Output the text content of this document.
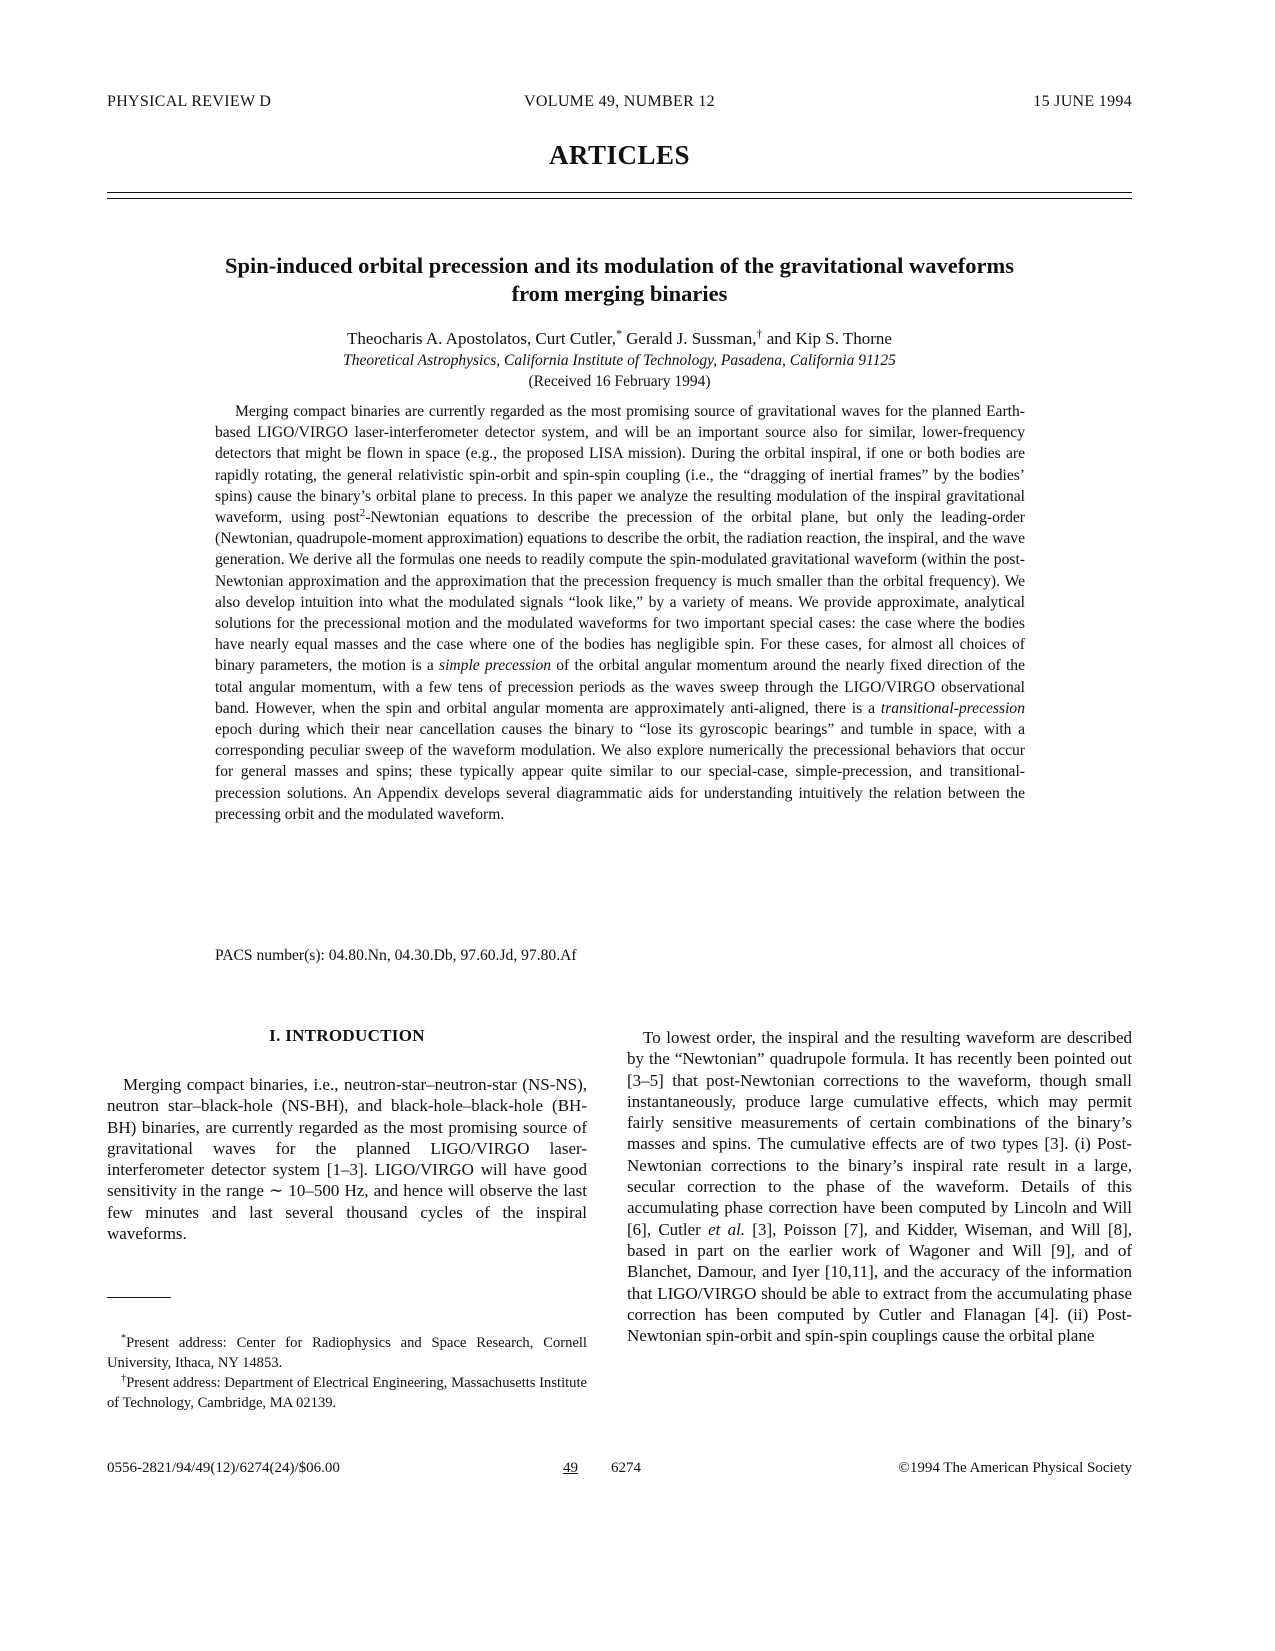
PHYSICAL REVIEW D	VOLUME 49, NUMBER 12	15 JUNE 1994
ARTICLES
Spin-induced orbital precession and its modulation of the gravitational waveforms
from merging binaries
Theocharis A. Apostolatos, Curt Cutler,* Gerald J. Sussman,† and Kip S. Thorne
Theoretical Astrophysics, California Institute of Technology, Pasadena, California 91125
(Received 16 February 1994)
Merging compact binaries are currently regarded as the most promising source of gravitational waves for the planned Earth-based LIGO/VIRGO laser-interferometer detector system, and will be an important source also for similar, lower-frequency detectors that might be flown in space (e.g., the proposed LISA mission). During the orbital inspiral, if one or both bodies are rapidly rotating, the general relativistic spin-orbit and spin-spin coupling (i.e., the “dragging of inertial frames” by the bodies’ spins) cause the binary’s orbital plane to precess. In this paper we analyze the resulting modulation of the inspiral gravitational waveform, using post$^2$-Newtonian equations to describe the precession of the orbital plane, but only the leading-order (Newtonian, quadrupole-moment approximation) equations to describe the orbit, the radiation reaction, the inspiral, and the wave generation. We derive all the formulas one needs to readily compute the spin-modulated gravitational waveform (within the post-Newtonian approximation and the approximation that the precession frequency is much smaller than the orbital frequency). We also develop intuition into what the modulated signals “look like,” by a variety of means. We provide approximate, analytical solutions for the precessional motion and the modulated waveforms for two important special cases: the case where the bodies have nearly equal masses and the case where one of the bodies has negligible spin. For these cases, for almost all choices of binary parameters, the motion is a simple precession of the orbital angular momentum around the nearly fixed direction of the total angular momentum, with a few tens of precession periods as the waves sweep through the LIGO/VIRGO observational band. However, when the spin and orbital angular momenta are approximately anti-aligned, there is a transitional-precession epoch during which their near cancellation causes the binary to “lose its gyroscopic bearings” and tumble in space, with a corresponding peculiar sweep of the waveform modulation. We also explore numerically the precessional behaviors that occur for general masses and spins; these typically appear quite similar to our special-case, simple-precession, and transitional-precession solutions. An Appendix develops several diagrammatic aids for understanding intuitively the relation between the precessing orbit and the modulated waveform.
PACS number(s): 04.80.Nn, 04.30.Db, 97.60.Jd, 97.80.Af
I. INTRODUCTION
Merging compact binaries, i.e., neutron-star–neutron-star (NS-NS), neutron star–black-hole (NS-BH), and black-hole–black-hole (BH-BH) binaries, are currently regarded as the most promising source of gravitational waves for the planned LIGO/VIRGO laser-interferometer detector system [1–3]. LIGO/VIRGO will have good sensitivity in the range ∼ 10–500 Hz, and hence will observe the last few minutes and last several thousand cycles of the inspiral waveforms.
To lowest order, the inspiral and the resulting waveform are described by the “Newtonian” quadrupole formula. It has recently been pointed out [3–5] that post-Newtonian corrections to the waveform, though small instantaneously, produce large cumulative effects, which may permit fairly sensitive measurements of certain combinations of the binary’s masses and spins. The cumulative effects are of two types [3]. (i) Post-Newtonian corrections to the binary’s inspiral rate result in a large, secular correction to the phase of the waveform. Details of this accumulating phase correction have been computed by Lincoln and Will [6], Cutler et al. [3], Poisson [7], and Kidder, Wiseman, and Will [8], based in part on the earlier work of Wagoner and Will [9], and of Blanchet, Damour, and Iyer [10,11], and the accuracy of the information that LIGO/VIRGO should be able to extract from the accumulating phase correction has been computed by Cutler and Flanagan [4]. (ii) Post-Newtonian spin-orbit and spin-spin couplings cause the orbital plane

*Present address: Center for Radiophysics and Space Research, Cornell University, Ithaca, NY 14853.

†Present address: Department of Electrical Engineering, Massachusetts Institute of Technology, Cambridge, MA 02139.

0556-2821/94/49(12)/6274(24)/$06.00	49 6274	©1994 The American Physical Society
